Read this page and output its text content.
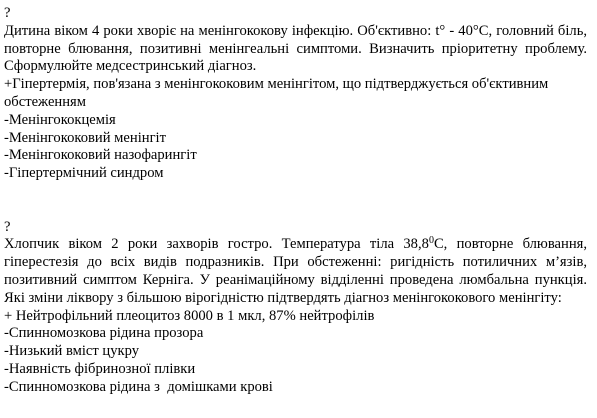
?
Дитина віком 4 роки хворіє на менінгококову інфекцію. Об'єктивно: t° - 40°С, головний біль, повторне блювання, позитивні менінгеальні симптоми. Визначить пріоритетну проблему. Сформулюйте медсестринський діагноз.
+Гіпертермія, пов'язана з менінгококовим менінгітом, що підтверджується об'єктивним обстеженням
-Менінгококцемія
-Менінгококовий менінгіт
-Менінгококовий назофарингіт
-Гіпертермічний синдром
?
Хлопчик віком 2 роки захворів гостро. Температура тіла 38,8$^0$С, повторне блювання, гіперестезія до всіх видів подразників. При обстеженні: ригідність потиличних м’язів, позитивний симптом Керніга. У реанімаційному відділенні проведена люмбальна пункція. Які зміни ліквору з більшою вірогідністю підтвердять діагноз менінгококового менінгіту:
+ Нейтрофільний плеоцитоз 8000 в 1 мкл, 87% нейтрофілів
-Спинномозкова рідина прозора
-Низький вміст цукру
-Наявність фібринозної плівки
-Спинномозкова рідина з  домішками крові
